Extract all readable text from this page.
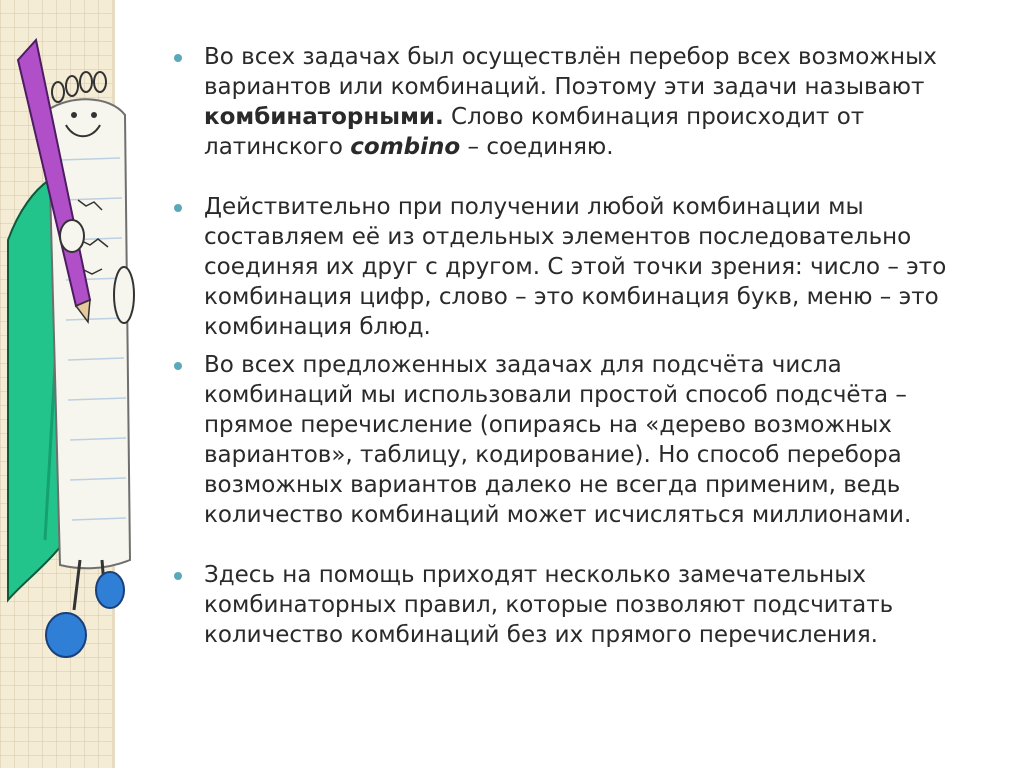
Во всех задачах был осуществлён перебор всех возможных вариантов или комбинаций. Поэтому эти задачи называют комбинаторными. Слово комбинация происходит от латинского combino – соединяю.
Действительно при получении любой комбинации мы составляем её из отдельных элементов последовательно соединяя их друг с другом. С этой точки зрения: число – это комбинация цифр, слово – это комбинация букв, меню – это комбинация блюд.
Во всех предложенных задачах для подсчёта числа комбинаций мы использовали простой способ подсчёта – прямое перечисление (опираясь на «дерево возможных вариантов», таблицу, кодирование). Но способ перебора возможных вариантов далеко не всегда применим, ведь количество комбинаций может исчисляться миллионами.
Здесь на помощь приходят несколько замечательных комбинаторных правил, которые позволяют подсчитать количество комбинаций без их прямого перечисления.
